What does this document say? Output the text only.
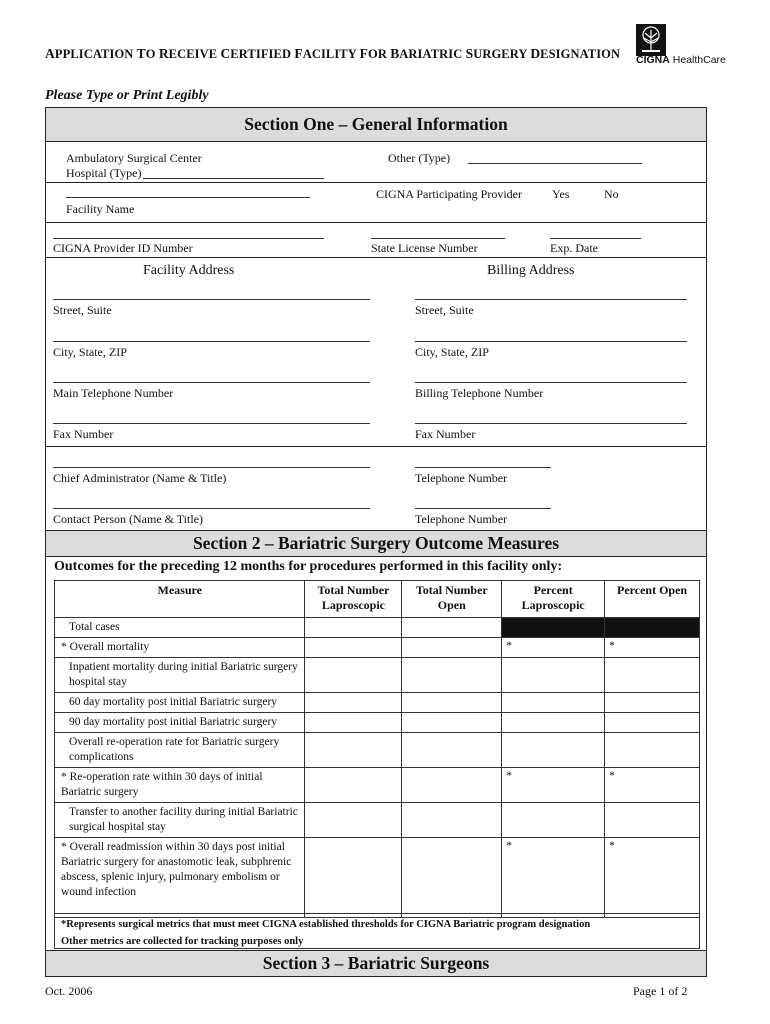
APPLICATION TO RECEIVE CERTIFIED FACILITY FOR BARIATRIC SURGERY DESIGNATION CIGNA HealthCare
Please Type or Print Legibly
Section One – General Information
Ambulatory Surgical Center
Hospital (Type)
Other (Type)
Facility Name
CIGNA Participating Provider	Yes	No
CIGNA Provider ID Number	State License Number	Exp. Date
Facility Address	Billing Address
Street, Suite
City, State, ZIP
Main Telephone Number
Fax Number
Street, Suite
City, State, ZIP
Billing Telephone Number
Fax Number
Chief Administrator (Name & Title)	Telephone Number
Contact Person (Name & Title)	Telephone Number
Section 2 – Bariatric Surgery Outcome Measures
Outcomes for the preceding 12 months for procedures performed in this facility only:
Measure	Total Number Laproscopic	Total Number Open	Percent Laproscopic	Percent Open
Total cases				
* Overall mortality			*	*
Inpatient mortality during initial Bariatric surgery hospital stay				
60 day mortality post initial Bariatric surgery				
90 day mortality post initial Bariatric surgery				
Overall re-operation rate for Bariatric surgery complications				
* Re-operation rate within 30 days of initial Bariatric surgery			*	*
Transfer to another facility during initial Bariatric surgical hospital stay				
* Overall readmission within 30 days post initial Bariatric surgery for anastomotic leak, subphrenic abscess, splenic injury, pulmonary embolism or wound infection			*	*
*Represents surgical metrics that must meet CIGNA established thresholds for CIGNA Bariatric program designation
Other metrics are collected for tracking purposes only
Section 3 – Bariatric Surgeons
Oct. 2006	Page 1 of 2
